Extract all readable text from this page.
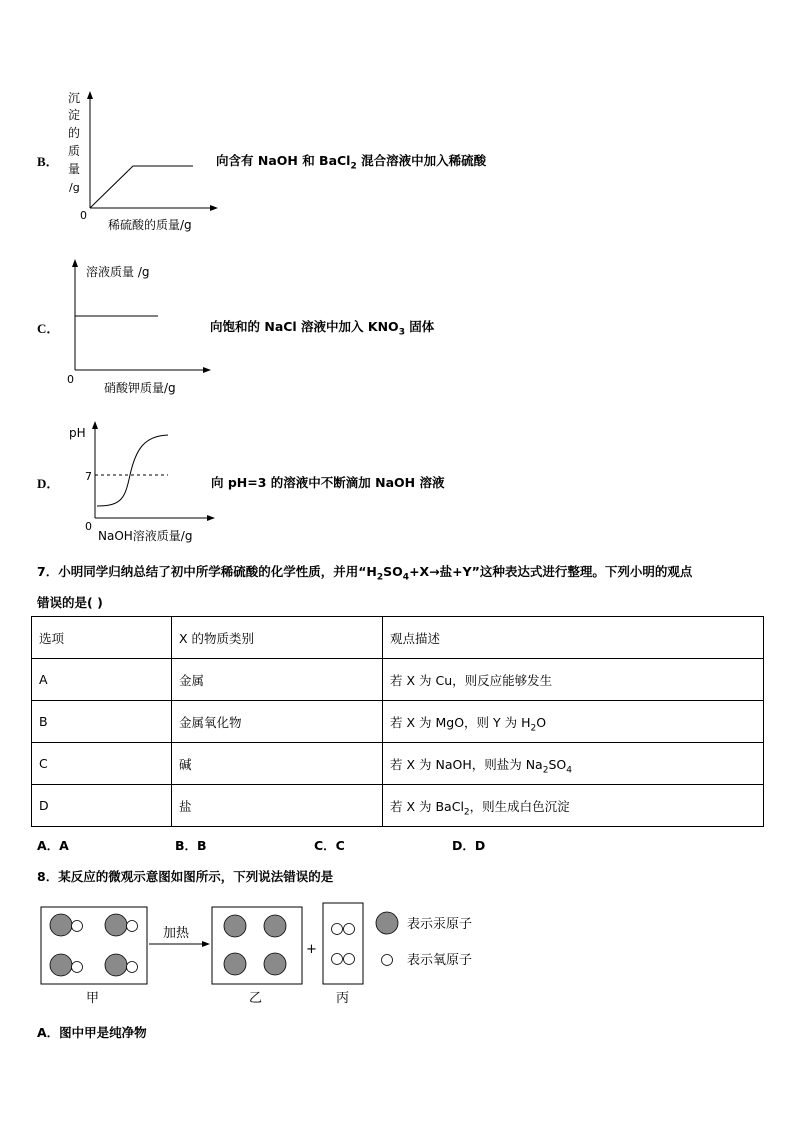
B．
沉
淀
的
质
量
/g
0
稀硫酸的质量/g
向含有 NaOH 和 BaCl$_2$ 混合溶液中加入稀硫酸
C．
溶液质量 /g
0
硝酸钾质量/g
向饱和的 NaCl 溶液中加入 $KNO_3$ 固体
D．
pH
7
0
NaOH溶液质量/g
向 pH=3 的溶液中不断滴加 NaOH 溶液
7．小明同学归纳总结了初中所学稀硫酸的化学性质，并用“$H_2SO_4+X\to$盐+Y”这种表达式进行整理。下列小明的观点
错误的是( )
选项	X 的物质类别	观点描述
A	金属	若 X 为 Cu，则反应能够发生
B	金属氧化物	若 X 为 MgO，则 Y 为 $H_2O$
C	碱	若 X 为 NaOH，则盐为 $Na_2SO_4$
D	盐	若 X 为 BaCl$_2$，则生成白色沉淀
A．A	B．B	C．C	D．D
8．某反应的微观示意图如图所示，下列说法错误的是
甲
加热
乙
+
丙
表示汞原子
表示氧原子
A．图中甲是纯净物
